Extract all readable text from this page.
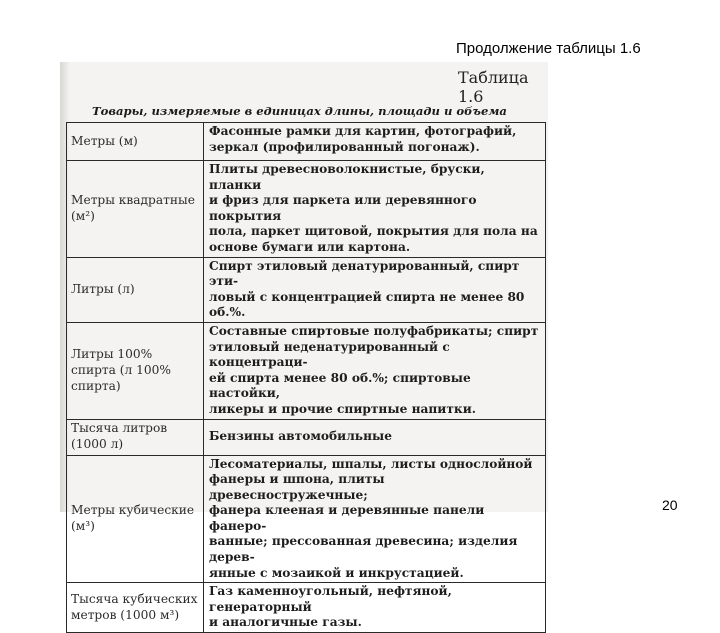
Продолжение таблицы 1.6
Таблица 1.6
Товары, измеряемые в единицах длины, площади и объема
Метры (м)	Фасонные рамки для картин, фотографий,
зеркал (профилированный погонаж).
Метры квадратные (м²)	Плиты древесноволокнистые, бруски, планки
и фриз для паркета или деревянного покрытия
пола, паркет щитовой, покрытия для пола на
основе бумаги или картона.
Литры (л)	Спирт этиловый денатурированный, спирт эти-
ловый с концентрацией спирта не менее 80 об.%.
Литры 100% спирта (л 100% спирта)	Составные спиртовые полуфабрикаты; спирт
этиловый неденатурированный с концентраци-
ей спирта менее 80 об.%; спиртовые настойки,
ликеры и прочие спиртные напитки.
Тысяча литров (1000 л)	Бензины автомобильные
Метры кубические (м³)	Лесоматериалы, шпалы, листы однослойной
фанеры и шпона, плиты древесностружечные;
фанера клееная и деревянные панели фанеро-
ванные; прессованная древесина; изделия дерев-
янные с мозаикой и инкрустацией.
Тысяча кубических метров (1000 м³)	Газ каменноугольный, нефтяной, генераторный
и аналогичные газы.
20
